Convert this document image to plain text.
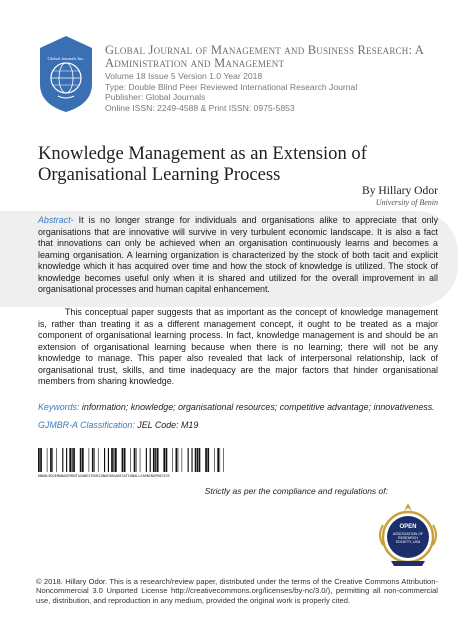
Global Journals Inc.
Global Journal of Management and Business Research: A Administration and Management
Volume 18 Issue 5 Version 1.0 Year 2018
Type: Double Blind Peer Reviewed International Research Journal
Publisher: Global Journals
Online ISSN: 2249-4588 & Print ISSN: 0975-5853
Knowledge Management as an Extension of Organisational Learning Process
By Hillary Odor
University of Benin
Abstract- It is no longer strange for individuals and organisations alike to appreciate that only organisations that are innovative will survive in very turbulent economic landscape. It is also a fact that innovations can only be achieved when an organisation continuously learns and becomes a learning organisation. A learning organization is characterized by the stock of both tacit and explicit knowledge which it has acquired over time and how the stock of knowledge is utilized. The stock of knowledge becomes useful only when it is shared and utilized for the overall improvement in all organisational processes and human capital enhancement.
This conceptual paper suggests that as important as the concept of knowledge management is, rather than treating it as a different management concept, it ought to be treated as a major component of organisational learning process. In fact, knowledge management is and should be an extension of organisational learning because when there is no learning; there will not be any knowledge to manage. This paper also revealed that lack of interpersonal relationship, lack of organisational trust, skills, and time inadequacy are the major factors that hinder organisational members from sharing knowledge.
Keywords: information; knowledge; organisational resources; competitive advantage; innovativeness.
GJMBR-A Classification: JEL Code: M19
KNOWLEDGEMANAGEMENTASANEXTENSIONOFORGANISATIONALLEARNINGPROCESS
Strictly as per the compliance and regulations of:
OPEN
ASSOCIATION OF RESEARCH SOCIETY, USA
© 2018. Hillary Odor. This is a research/review paper, distributed under the terms of the Creative Commons Attribution-Noncommercial 3.0 Unported License http://creativecommons.org/licenses/by-nc/3.0/), permitting all non-commercial use, distribution, and reproduction in any medium, provided the original work is properly cited.
